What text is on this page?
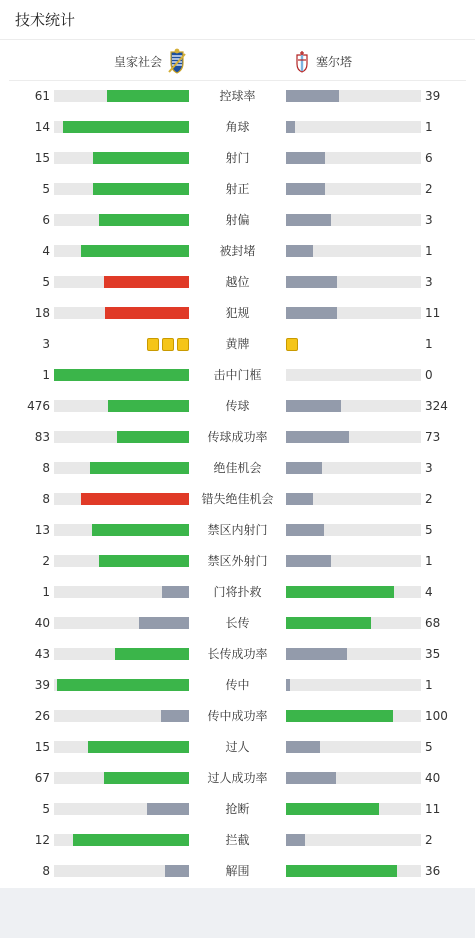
技术统计
皇家社会	塞尔塔
61	控球率	39
14	角球	1
15	射门	6
5	射正	2
6	射偏	3
4	被封堵	1
5	越位	3
18	犯规	11
3	黄牌	1
1	击中门框	0
476	传球	324
83	传球成功率	73
8	绝佳机会	3
8	错失绝佳机会	2
13	禁区内射门	5
2	禁区外射门	1
1	门将扑救	4
40	长传	68
43	长传成功率	35
39	传中	1
26	传中成功率	100
15	过人	5
67	过人成功率	40
5	抢断	11
12	拦截	2
8	解围	36
